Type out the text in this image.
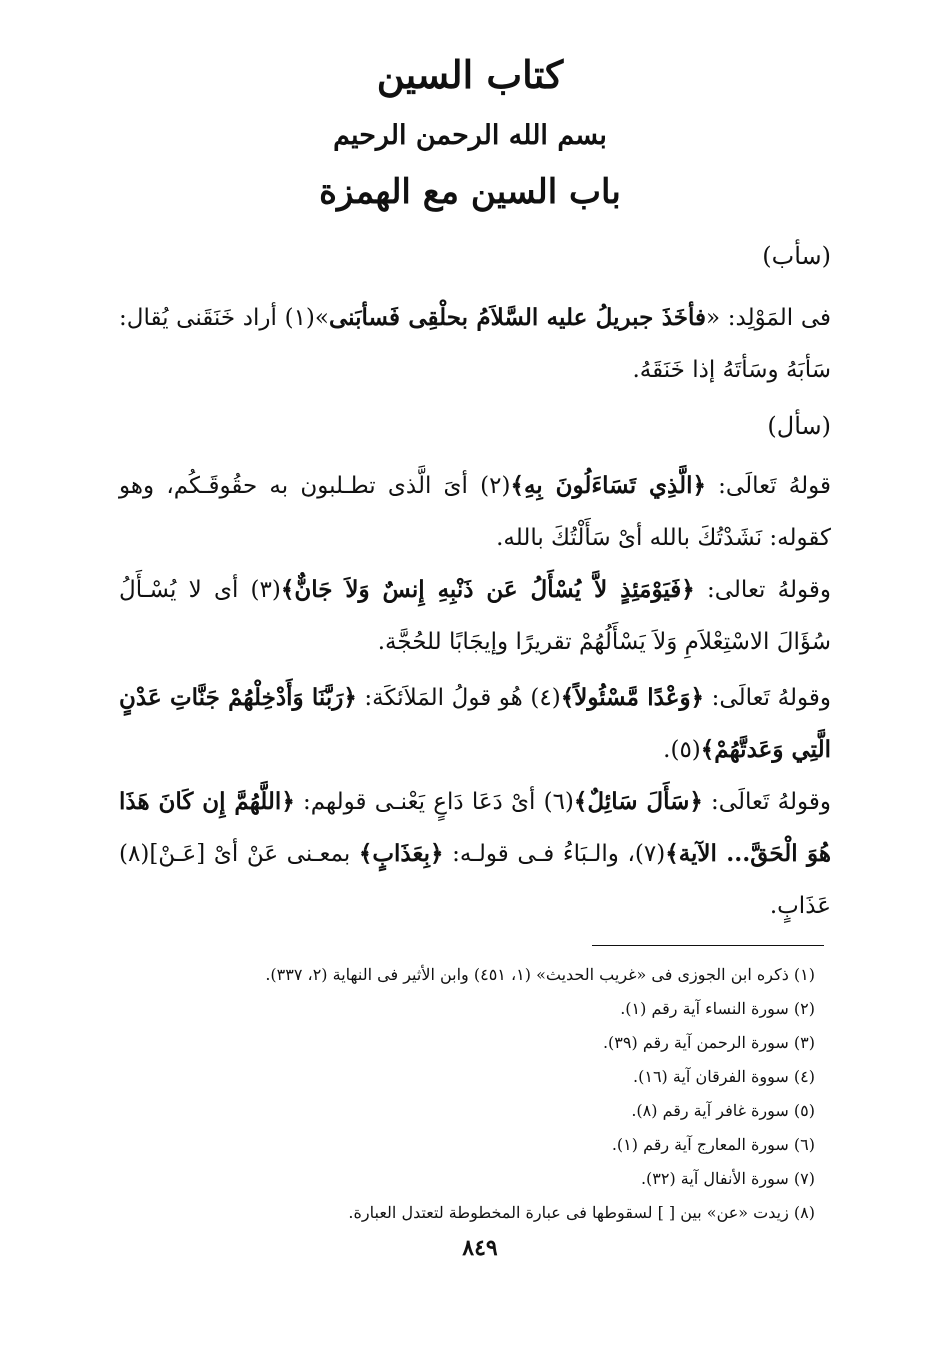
كتاب السين
بسم الله الرحمن الرحيم
باب السين مع الهمزة
(سأب)
فى المَوْلِد: «فأخَذَ جبريلُ عليه السَّلاَمُ بحلْقِى فَسأبَنى»(١) أراد خَنَقَنى يُقال: سَأبَهُ وسَأتَهُ إذا خَنَقَهُ.
(سأل)
قولهُ تَعالَى: ﴿الَّذِي تَسَاءَلُونَ بِهِ﴾(٢) أىَ الَّذى تطـلبون به حقُوقَـكُم، وهو كقوله: نَشَدْتُكَ بالله أىْ سَأَلْتُكَ بالله.
وقولهُ تعالى: ﴿فَيَوْمَئِذٍ لاَّ يُسْأَلُ عَن ذَنْبِهِ إِنسٌ وَلاَ جَانٌّ﴾(٣) أى لا يُسْـأَلُ سُؤَالَ الاسْتِعْلاَمِ وَلاَ يَسْأَلُهُمْ تقريرًا وإيجَابًا للحُجَّة.
وقولهُ تَعالَى: ﴿وَعْدًا مَّسْئُولاً﴾(٤) هُو قولُ المَلاَئكَة: ﴿رَبَّنَا وَأَدْخِلْهُمْ جَنَّاتِ عَدْنٍ الَّتِي وَعَدتَّهُمْ﴾(٥).
وقولهُ تَعالَى: ﴿سَأَلَ سَائِلٌ﴾(٦) أىْ دَعَا دَاعٍ يَعْنـى قولهم: ﴿اللَّهُمَّ إِن كَانَ هَذَا هُوَ الْحَقَّ... الآية﴾(٧)، والـبَاءُ فـى قولـه: ﴿بِعَذَابٍ﴾ بمعـنى عَنْ أىْ [عَـنْ](٨) عَذَابٍ.
(١) ذكره ابن الجوزى فى «غريب الحديث» (١، ٤٥١) وابن الأثير فى النهاية (٢، ٣٣٧).
(٢) سورة النساء آية رقم (١).
(٣) سورة الرحمن آية رقم (٣٩).
(٤) سووة الفرقان آية (١٦).
(٥) سورة غافر آية رقم (٨).
(٦) سورة المعارج آية رقم (١).
(٧) سورة الأنفال آية (٣٢).
(٨) زيدت «عن» بين [ ] لسقوطها فى عبارة المخطوطة لتعتدل العبارة.
٨٤٩
